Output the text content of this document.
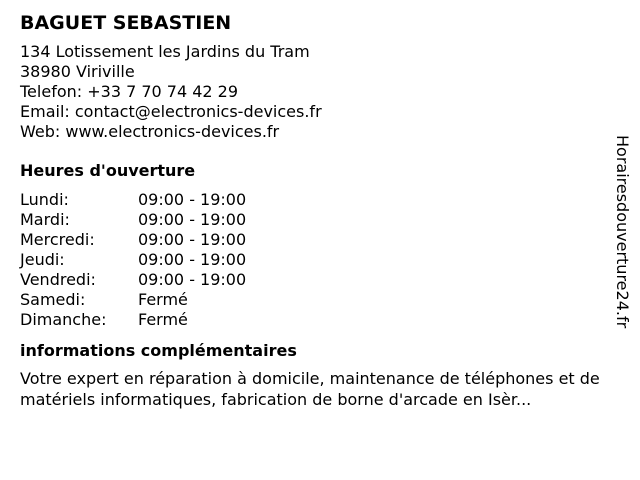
BAGUET SEBASTIEN
134 Lotissement les Jardins du Tram
38980 Viriville
Telefon: +33 7 70 74 42 29
Email: contact@electronics-devices.fr
Web: www.electronics-devices.fr
Heures d'ouverture
Lundi:	09:00 - 19:00
Mardi:	09:00 - 19:00
Mercredi:	09:00 - 19:00
Jeudi:	09:00 - 19:00
Vendredi:	09:00 - 19:00
Samedi:	Fermé
Dimanche:	Fermé
informations complémentaires
Votre expert en réparation à domicile, maintenance de téléphones et de matériels informatiques, fabrication de borne d'arcade en Isèr...
Horairesdouverture24.fr
